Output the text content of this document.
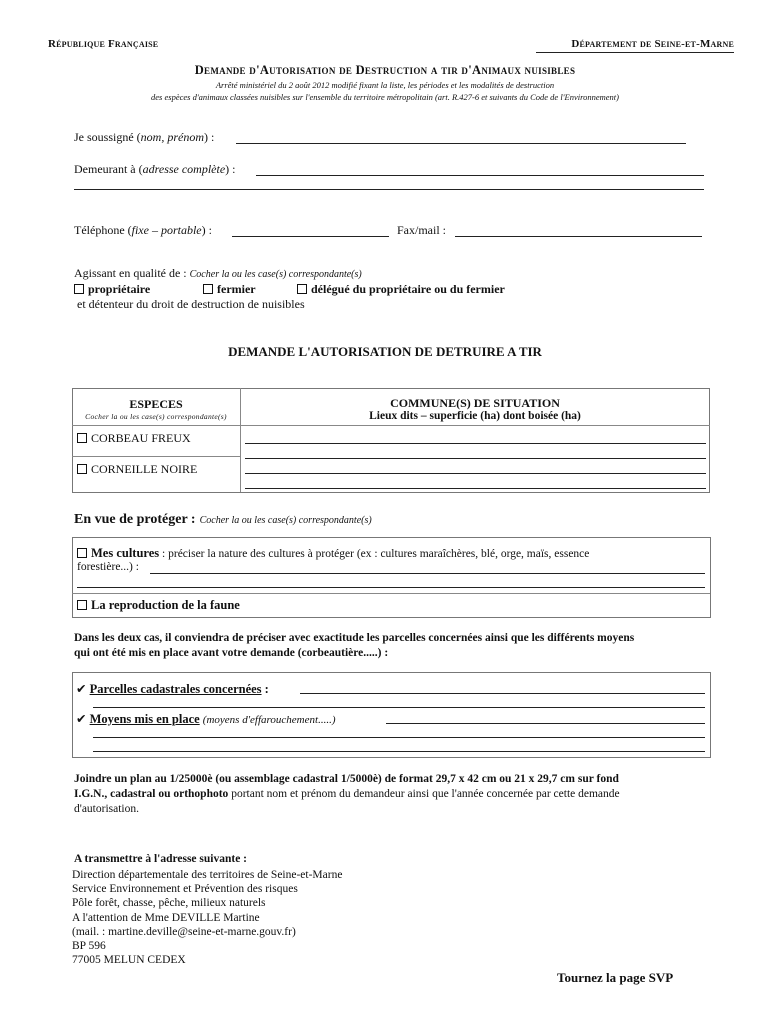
République Française	Département de Seine-et-Marne
Demande d'Autorisation de Destruction a tir d'Animaux nuisibles
Arrêté ministériel du 2 août 2012 modifié fixant la liste, les périodes et les modalités de destruction
des espèces d'animaux classées nuisibles sur l'ensemble du territoire métropolitain (art. R.427-6 et suivants du Code de l'Environnement)
Je soussigné (nom, prénom) :
Demeurant à (adresse complète) :
Téléphone (fixe – portable) :	Fax/mail :
Agissant en qualité de : Cocher la ou les case(s) correspondante(s)
propriétaire	fermier	délégué du propriétaire ou du fermier
et détenteur du droit de destruction de nuisibles
DEMANDE L'AUTORISATION DE DETRUIRE A TIR
ESPECES
Cocher la ou les case(s) correspondante(s)
COMMUNE(S) DE SITUATION
Lieux dits – superficie (ha) dont boisée (ha)
CORBEAU FREUX
CORNEILLE NOIRE
En vue de protéger : Cocher la ou les case(s) correspondante(s)
Mes cultures : préciser la nature des cultures à protéger (ex : cultures maraîchères, blé, orge, maïs, essence
forestière...) :
La reproduction de la faune
Dans les deux cas, il conviendra de préciser avec exactitude les parcelles concernées ainsi que les différents moyens
qui ont été mis en place avant votre demande (corbeautière.....) :
✔ Parcelles cadastrales concernées :
✔ Moyens mis en place (moyens d'effarouchement.....)
Joindre un plan au 1/25000è (ou assemblage cadastral 1/5000è) de format 29,7 x 42 cm ou 21 x 29,7 cm sur fond
I.G.N., cadastral ou orthophoto portant nom et prénom du demandeur ainsi que l'année concernée par cette demande
d'autorisation.
A transmettre à l'adresse suivante :
Direction départementale des territoires de Seine-et-Marne
Service Environnement et Prévention des risques
Pôle forêt, chasse, pêche, milieux naturels
A l'attention de Mme DEVILLE Martine
(mail. : martine.deville@seine-et-marne.gouv.fr)
BP 596
77005 MELUN CEDEX
Tournez la page SVP
